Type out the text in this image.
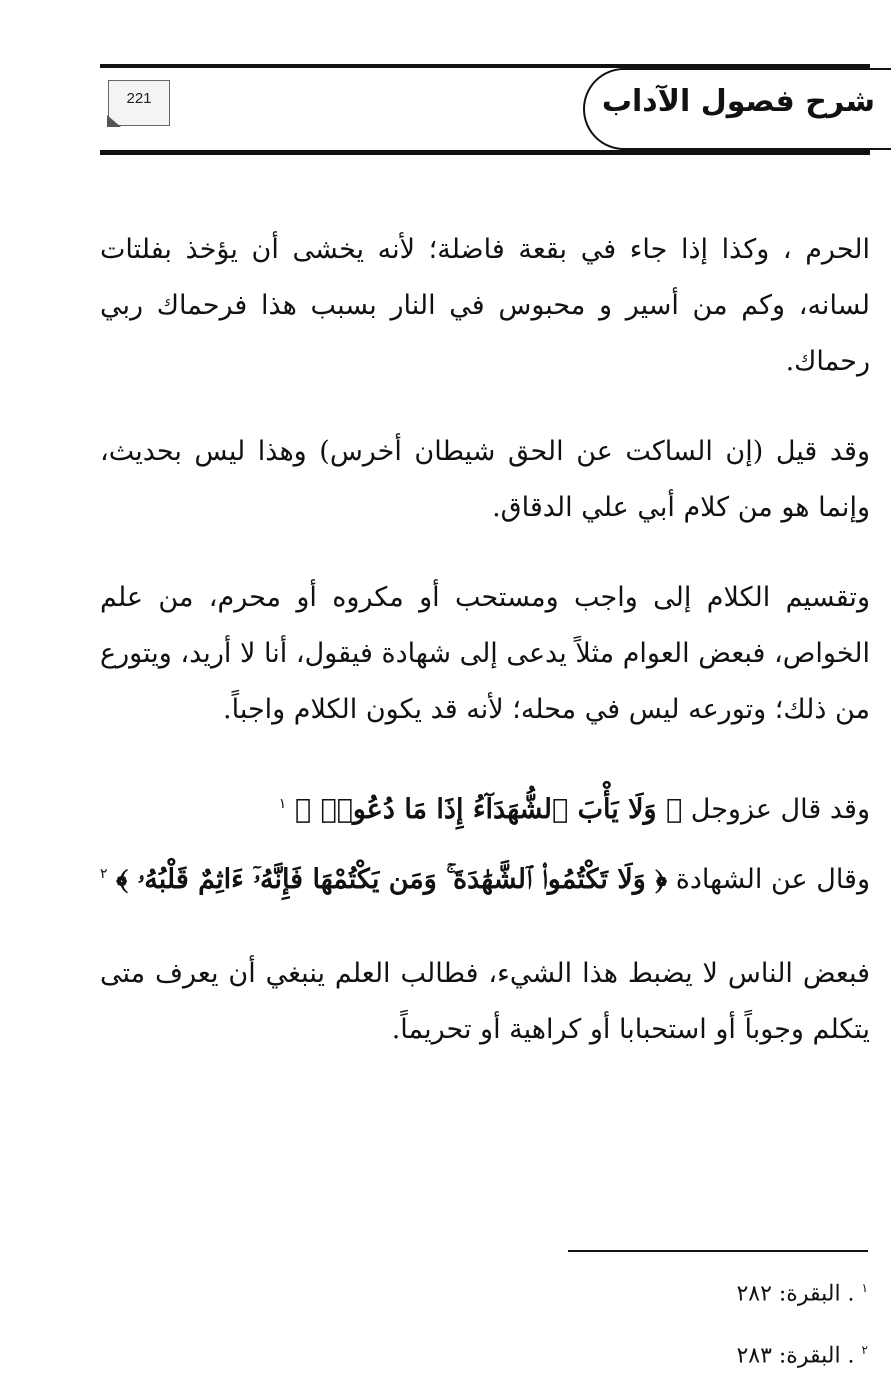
شرح فصول الآداب
221

الحرم ، وكذا إذا جاء في بقعة فاضلة؛ لأنه يخشى أن يؤخذ بفلتات لسانه، وكم من أسير و محبوس في النار بسبب هذا فرحماك ربي رحماك.

وقد قيل (إن الساكت عن الحق شيطان أخرس) وهذا ليس بحديث، وإنما هو من كلام أبي علي الدقاق.

وتقسيم الكلام إلى واجب ومستحب أو مكروه أو محرم، من علم الخواص، فبعض العوام مثلاً يدعى إلى شهادة فيقول، أنا لا أريد، ويتورع من ذلك؛ وتورعه ليس في محله؛ لأنه قد يكون الكلام واجباً.

وقد قال عزوجل ﴿ وَلَا يَأْبَ ٱلشُّهَدَآءُ إِذَا مَا دُعُوا۟ ﴾ $^١$

وقال عن الشهادة ﴿ وَلَا تَكْتُمُوا۟ ٱلشَّهَٰدَةَ ۚ وَمَن يَكْتُمْهَا فَإِنَّهُۥٓ ءَاثِمٌ قَلْبُهُۥ ﴾ $^٢$

فبعض الناس لا يضبط هذا الشيء، فطالب العلم ينبغي أن يعرف متى يتكلم وجوباً أو استحبابا أو كراهية أو تحريماً.

$^١$ . البقرة: ٢٨٢

$^٢$ . البقرة: ٢٨٣
